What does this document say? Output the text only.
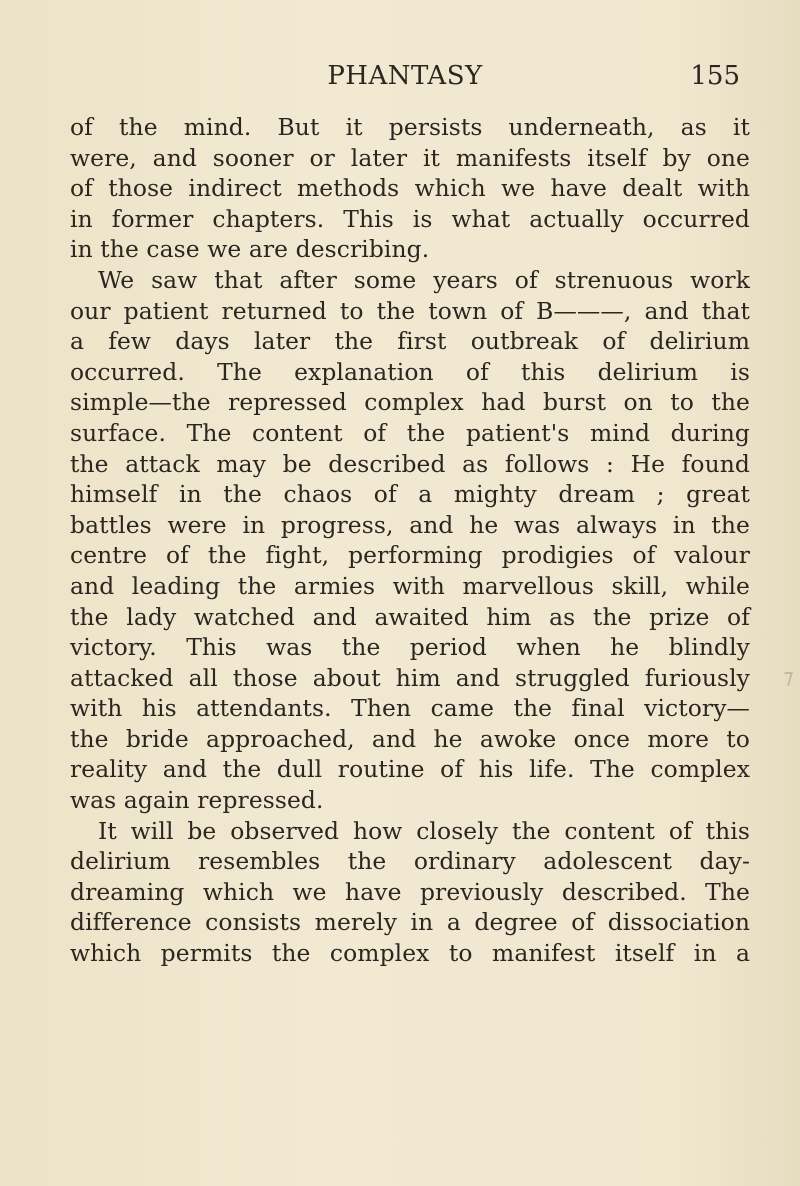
PHANTASY	155
of the mind. But it persists underneath, as it
were, and sooner or later it manifests itself by one
of those indirect methods which we have dealt with
in former chapters. This is what actually occurred
in the case we are describing.
We saw that after some years of strenuous work
our patient returned to the town of B———, and that
a few days later the first outbreak of delirium
occurred. The explanation of this delirium is
simple—the repressed complex had burst on to the
surface. The content of the patient's mind during
the attack may be described as follows : He found
himself in the chaos of a mighty dream ; great
battles were in progress, and he was always in the
centre of the fight, performing prodigies of valour
and leading the armies with marvellous skill, while
the lady watched and awaited him as the prize of
victory. This was the period when he blindly
attacked all those about him and struggled furiously
with his attendants. Then came the final victory—
the bride approached, and he awoke once more to
reality and the dull routine of his life. The complex
was again repressed.
It will be observed how closely the content of this
delirium resembles the ordinary adolescent day-
dreaming which we have previously described. The
difference consists merely in a degree of dissociation
which permits the complex to manifest itself in a
